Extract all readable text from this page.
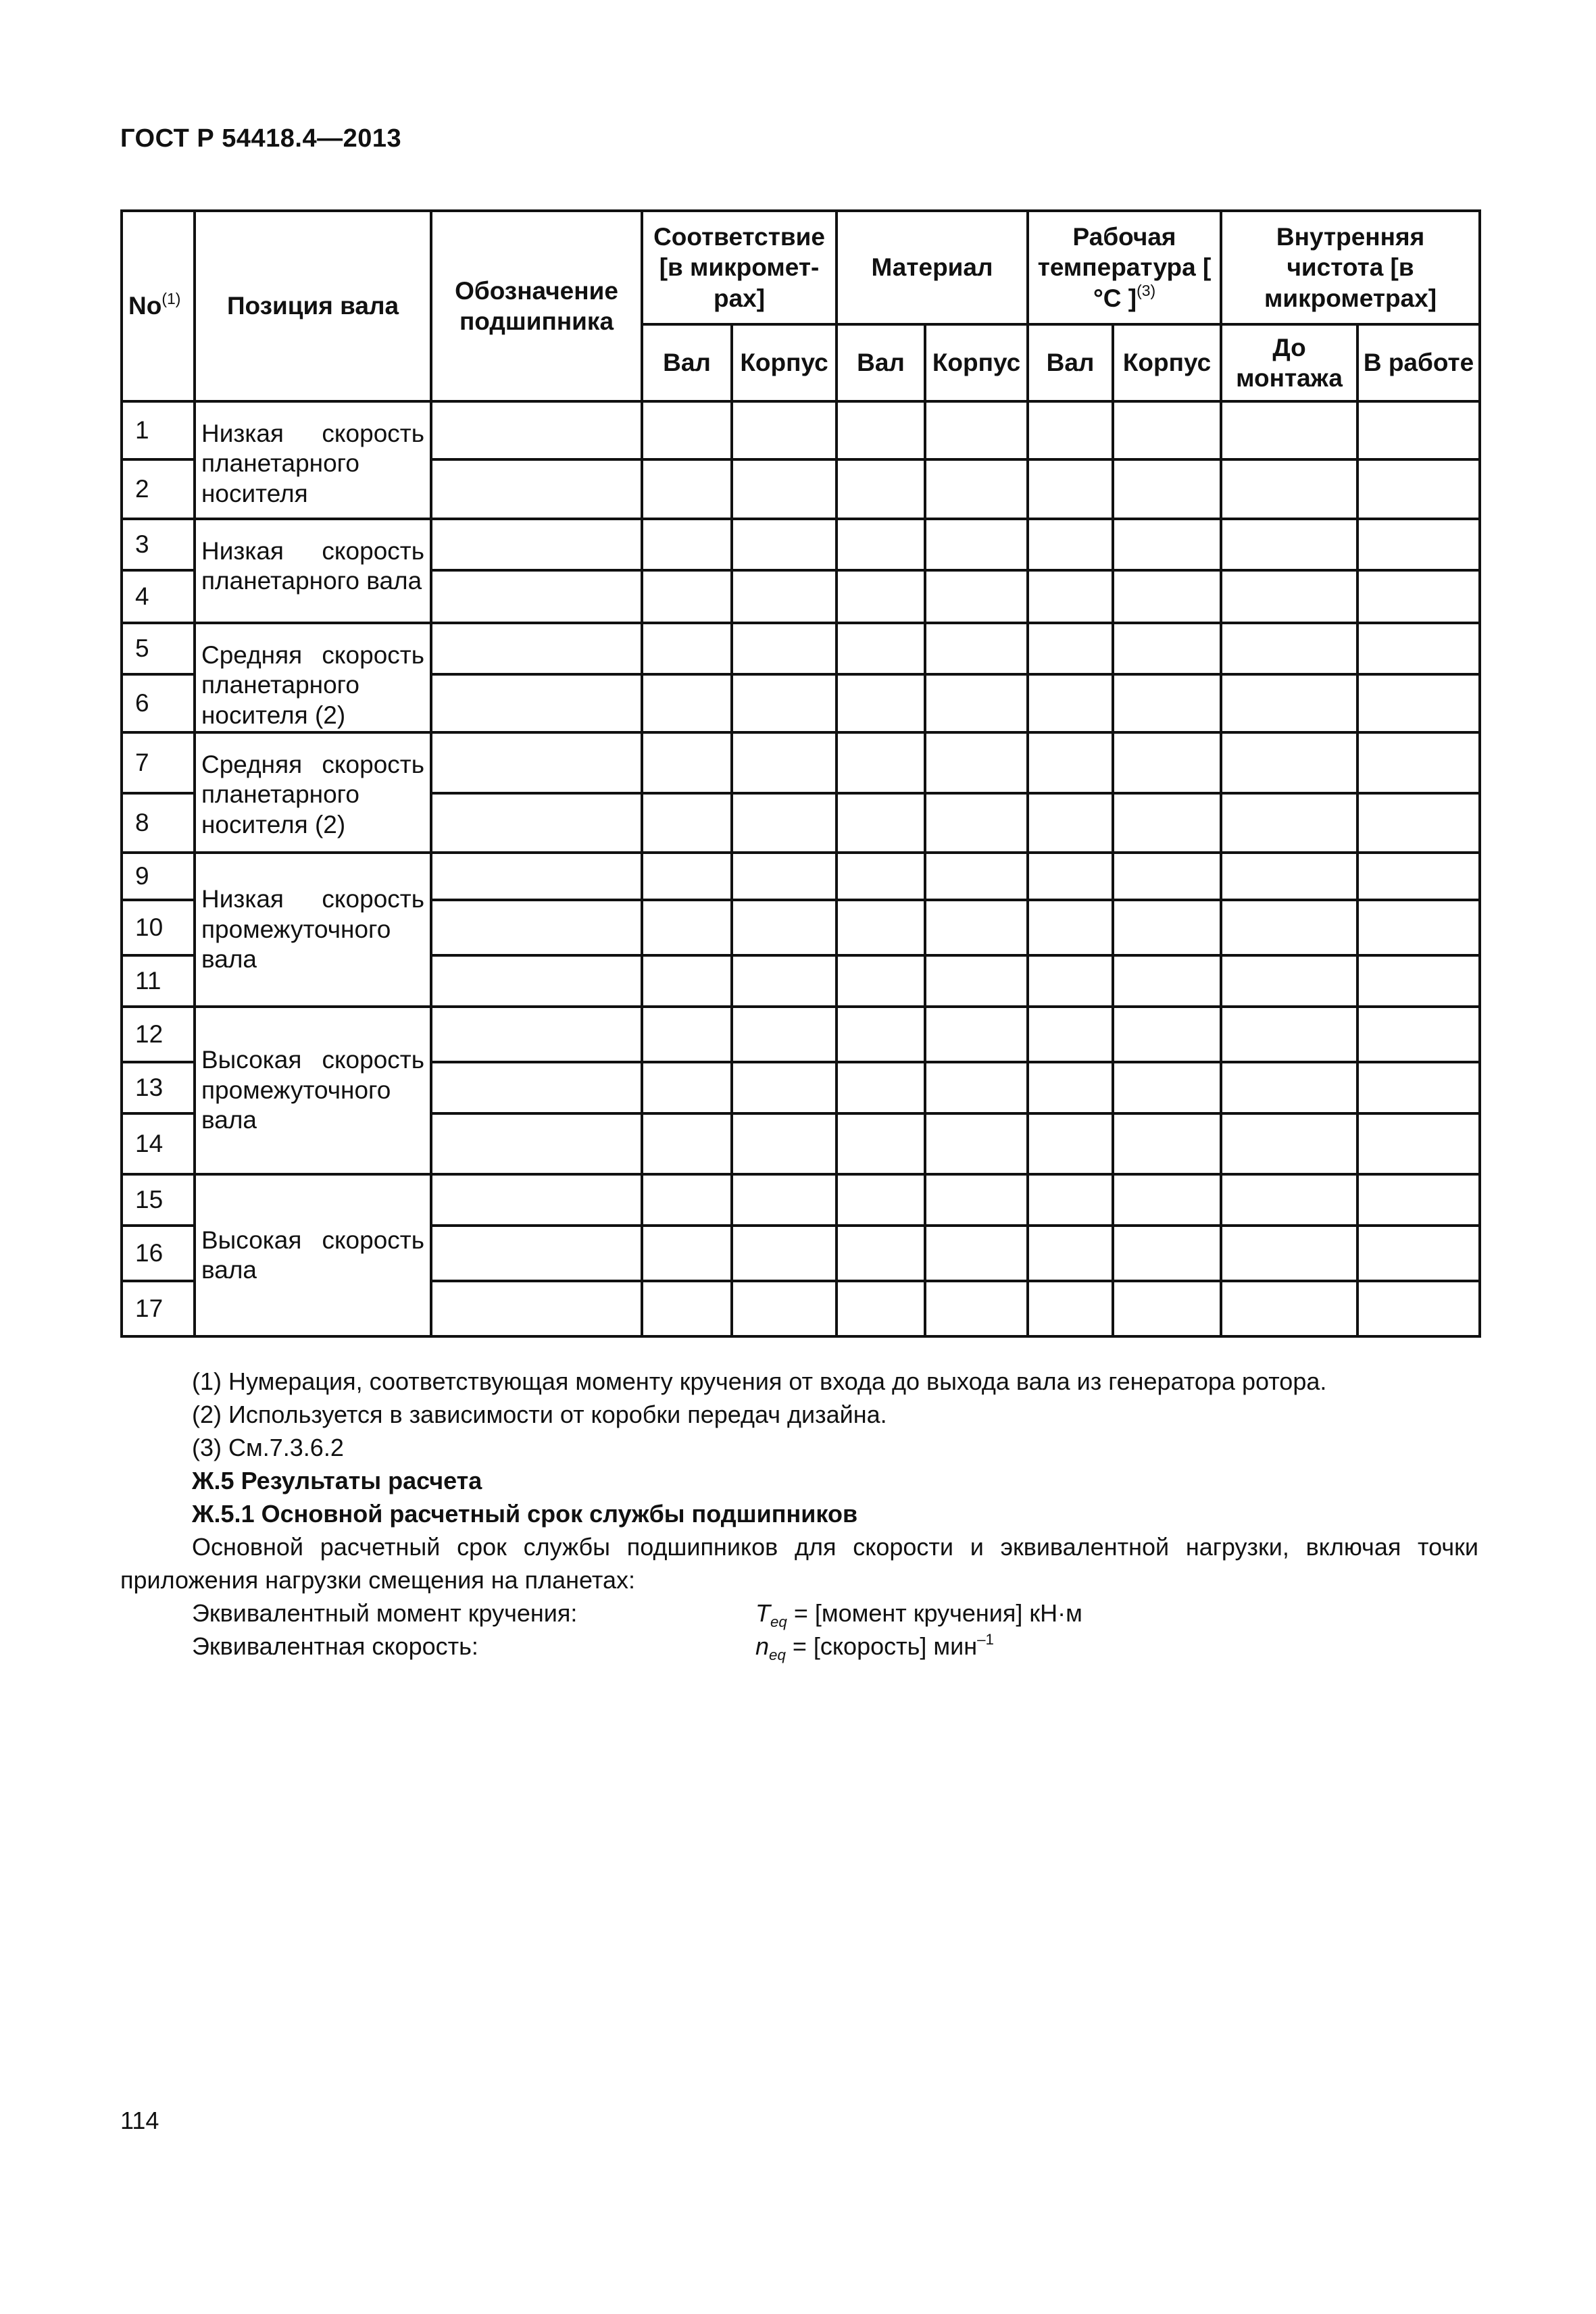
ГОСТ Р 54418.4—2013
No$^{(1)}$	Позиция вала	Обозначение подшипника	Соответствие [в микромет-рах]		Материал		Рабочая температура [ °C ]$^{(3)}$		Внутренняя чистота [в микрометрах]	
			Вал	Корпус	Вал	Корпус	Вал	Корпус	До монтажа	В работе
1	Низкая скорость планетарного носителя									
2										
3	Низкая скорость планетарного вала									
4										
5	Средняя скорость планетарного носителя (2)									
6										
7	Средняя скорость планетарного носителя (2)									
8										
9	Низкая скорость промежуточного вала									
10										
11										
12	Высокая скорость промежуточного вала									
13										
14										
15	Высокая скорость вала									
16										
17										

(1) Нумерация, соответствующая моменту кручения от входа до выхода вала из генератора ротора.

(2) Используется в зависимости от коробки передач дизайна.

(3) См.7.3.6.2

Ж.5 Результаты расчета

Ж.5.1 Основной расчетный срок службы подшипников

Основной расчетный срок службы подшипников для скорости и эквивалентной нагрузки, включая точки

приложения нагрузки смещения на планетах:

Эквивалентный момент кручения:	$T_{eq}$ = [момент кручения] кН·м
Эквивалентная скорость:	$n_{eq}$ = [скорость] мин$^{-1}$
114
